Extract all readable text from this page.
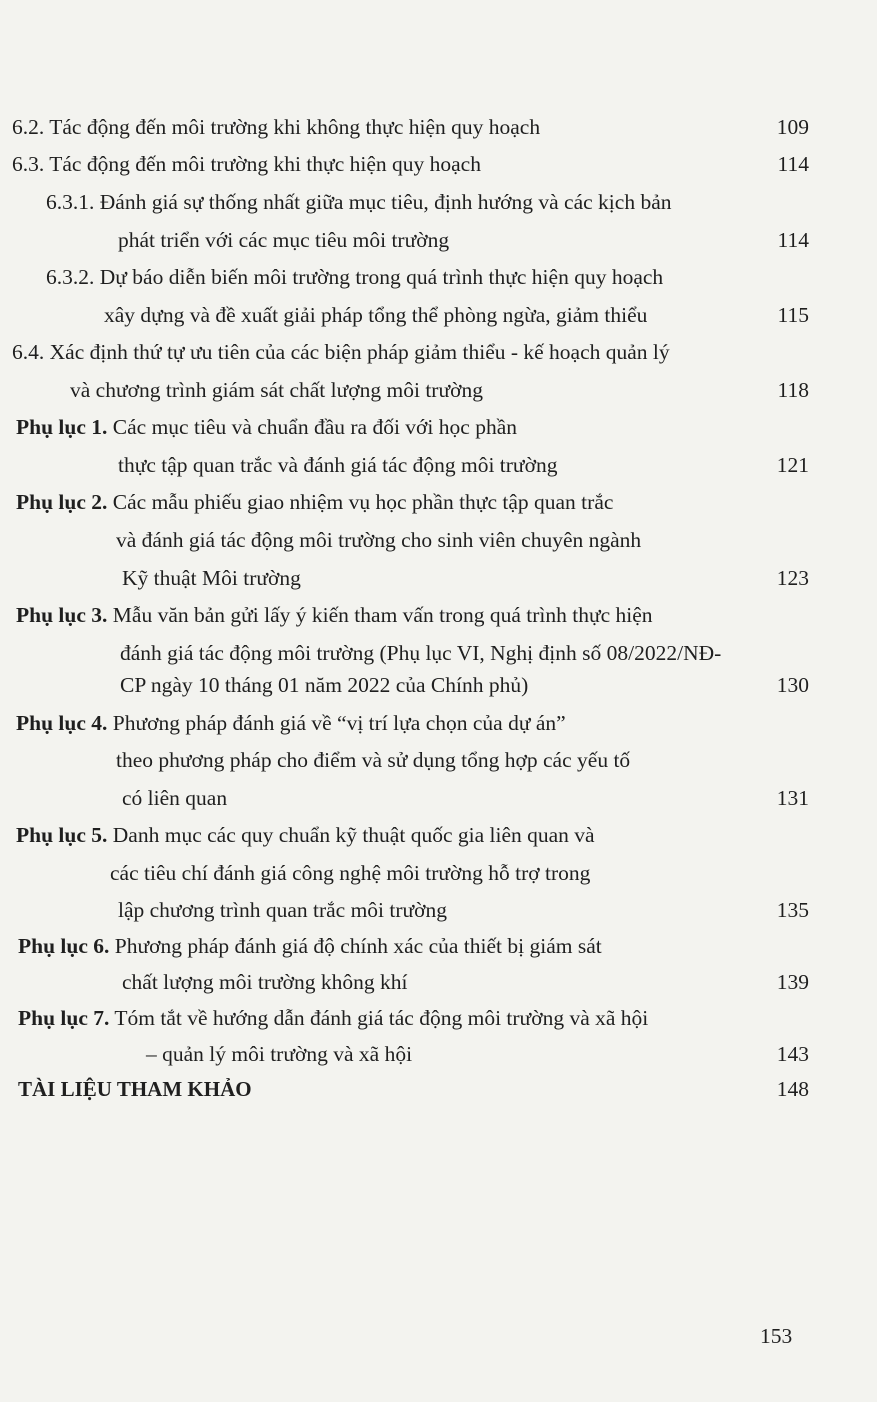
6.2. Tác động đến môi trường khi không thực hiện quy hoạch	109
6.3. Tác động đến môi trường khi thực hiện quy hoạch	114
6.3.1. Đánh giá sự thống nhất giữa mục tiêu, định hướng và các kịch bản
phát triển với các mục tiêu môi trường	114
6.3.2. Dự báo diễn biến môi trường trong quá trình thực hiện quy hoạch
xây dựng và đề xuất giải pháp tổng thể phòng ngừa, giảm thiểu	115
6.4. Xác định thứ tự ưu tiên của các biện pháp giảm thiểu - kế hoạch quản lý
và chương trình giám sát chất lượng môi trường	118
Phụ lục 1. Các mục tiêu và chuẩn đầu ra đối với học phần
thực tập quan trắc và đánh giá tác động môi trường	121
Phụ lục 2. Các mẫu phiếu giao nhiệm vụ học phần thực tập quan trắc
và đánh giá tác động môi trường cho sinh viên chuyên ngành
Kỹ thuật Môi trường	123
Phụ lục 3. Mẫu văn bản gửi lấy ý kiến tham vấn trong quá trình thực hiện
đánh giá tác động môi trường (Phụ lục VI, Nghị định số 08/2022/NĐ-
CP ngày 10 tháng 01 năm 2022 của Chính phủ)	130
Phụ lục 4. Phương pháp đánh giá về “vị trí lựa chọn của dự án”
theo phương pháp cho điểm và sử dụng tổng hợp các yếu tố
có liên quan	131
Phụ lục 5. Danh mục các quy chuẩn kỹ thuật quốc gia liên quan và
các tiêu chí đánh giá công nghệ môi trường hỗ trợ trong
lập chương trình quan trắc môi trường	135
Phụ lục 6. Phương pháp đánh giá độ chính xác của thiết bị giám sát
chất lượng môi trường không khí	139
Phụ lục 7. Tóm tắt về hướng dẫn đánh giá tác động môi trường và xã hội
– quản lý môi trường và xã hội	143
TÀI LIỆU THAM KHẢO	148
153
